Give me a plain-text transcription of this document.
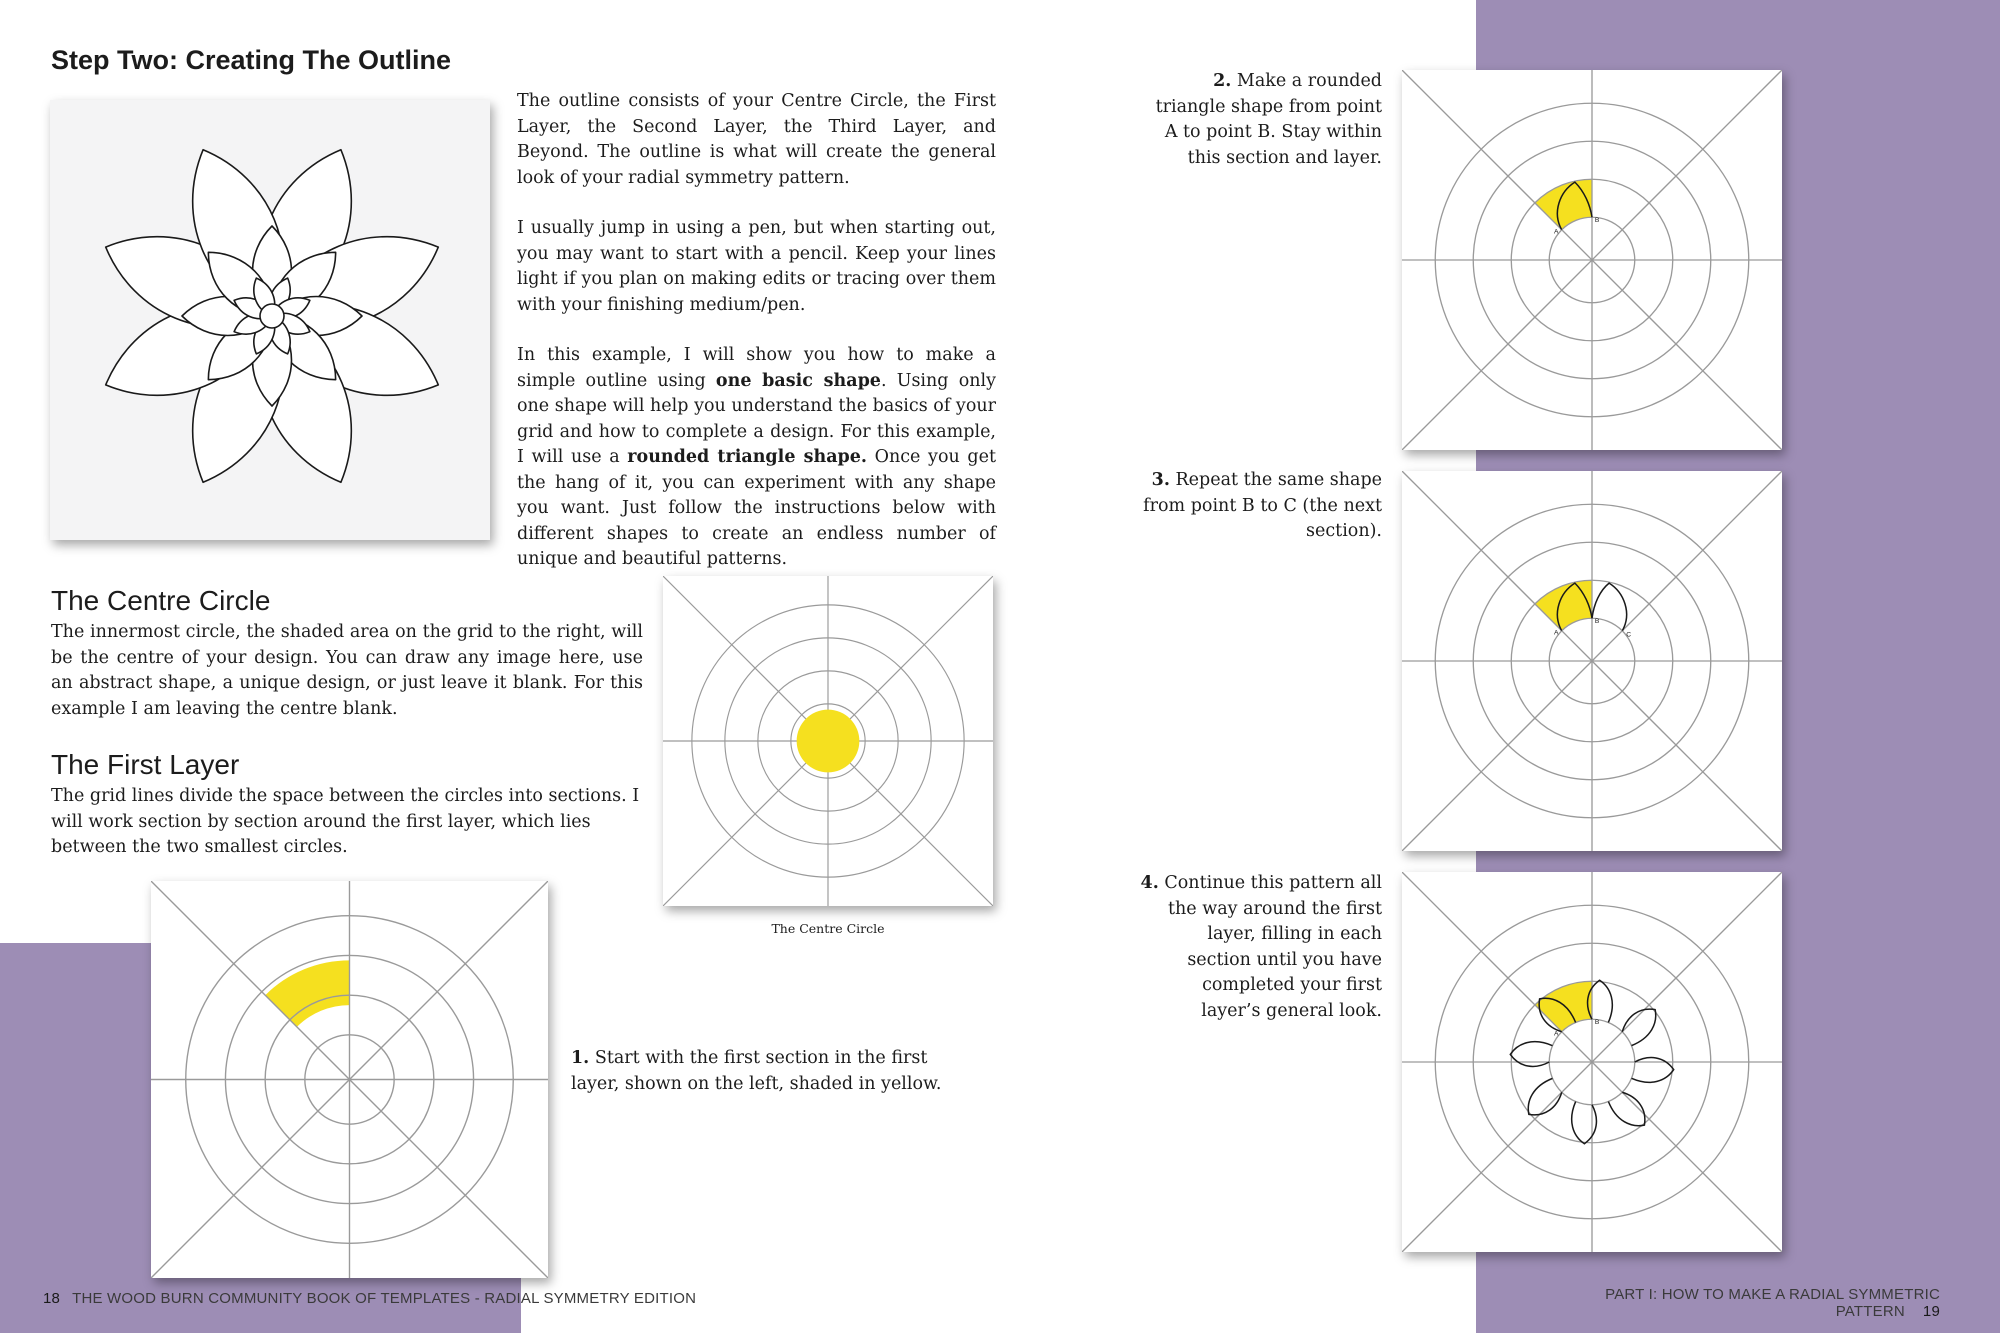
Step Two: Creating The Outline

The outline consists of your Centre Circle, the First Layer, the Second Layer, the Third Layer, and Beyond. The outline is what will create the general look of your radial symmetry pattern.

I usually jump in using a pen, but when starting out, you may want to start with a pencil. Keep your lines light if you plan on making edits or tracing over them with your finishing medium/pen.

In this example, I will show you how to make a simple outline using one basic shape. Using only one shape will help you understand the basics of your grid and how to complete a design. For this example, I will use a rounded triangle shape. Once you get the hang of it, you can experiment with any shape you want. Just follow the instructions below with different shapes to create an endless number of unique and beautiful patterns.

The Centre Circle

The innermost circle, the shaded area on the grid to the right, will be the centre of your design. You can draw any image here, use an abstract shape, a unique design, or just leave it blank. For this example I am leaving the centre blank.

The First Layer

The grid lines divide the space between the circles into sections. I will work section by section around the first layer, which lies between the two smallest circles.

The Centre Circle

1. Start with the first section in the first layer, shown on the left, shaded in yellow.

2. Make a rounded triangle shape from point A to point B. Stay within this section and layer.

3. Repeat the same shape from point B to C (the next section).

4. Continue this pattern all the way around the first layer, filling in each section until you have completed your first layer’s general look.

A
B
A
B
C
A
B
18 THE WOOD BURN COMMUNITY BOOK OF TEMPLATES - RADIAL SYMMETRY EDITION	PART I: HOW TO MAKE A RADIAL SYMMETRIC PATTERN 19
